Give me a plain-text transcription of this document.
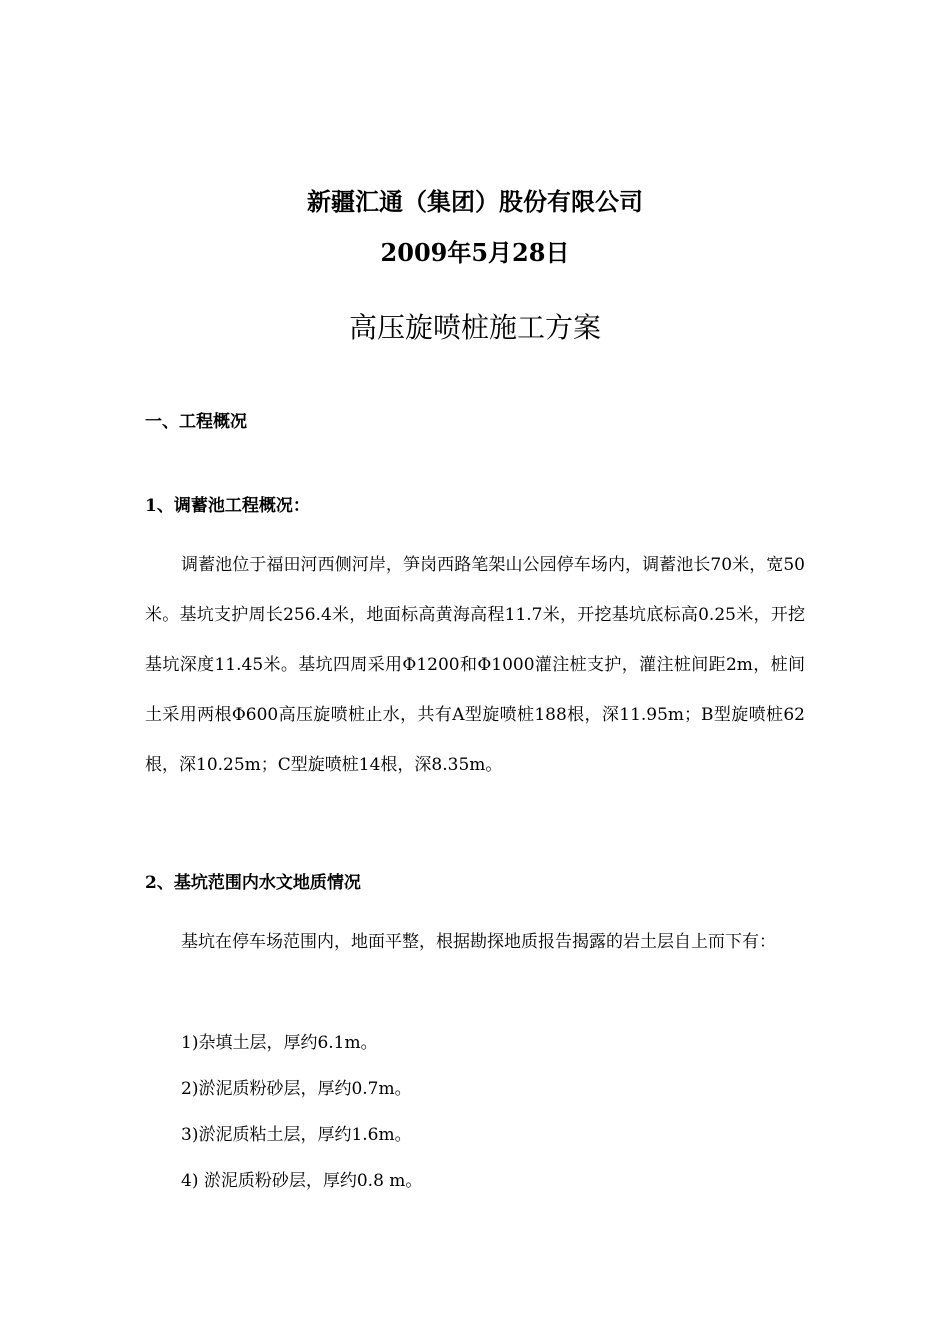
新疆汇通（集团）股份有限公司
2009年5月28日
高压旋喷桩施工方案
一、工程概况
1、调蓄池工程概况：
调蓄池位于福田河西侧河岸，笋岗西路笔架山公园停车场内，调蓄池长70米，宽50米。基坑支护周长256.4米，地面标高黄海高程11.7米，开挖基坑底标高0.25米，开挖基坑深度11.45米。基坑四周采用Φ1200和Φ1000灌注桩支护，灌注桩间距2m，桩间土采用两根Φ600高压旋喷桩止水，共有A型旋喷桩188根，深11.95m；B型旋喷桩62根，深10.25m；C型旋喷桩14根，深8.35m。
2、基坑范围内水文地质情况
基坑在停车场范围内，地面平整，根据勘探地质报告揭露的岩土层自上而下有：
1)杂填土层，厚约6.1m。
2)淤泥质粉砂层，厚约0.7m。
3)淤泥质粘土层，厚约1.6m。
4) 淤泥质粉砂层，厚约0.8 m。
